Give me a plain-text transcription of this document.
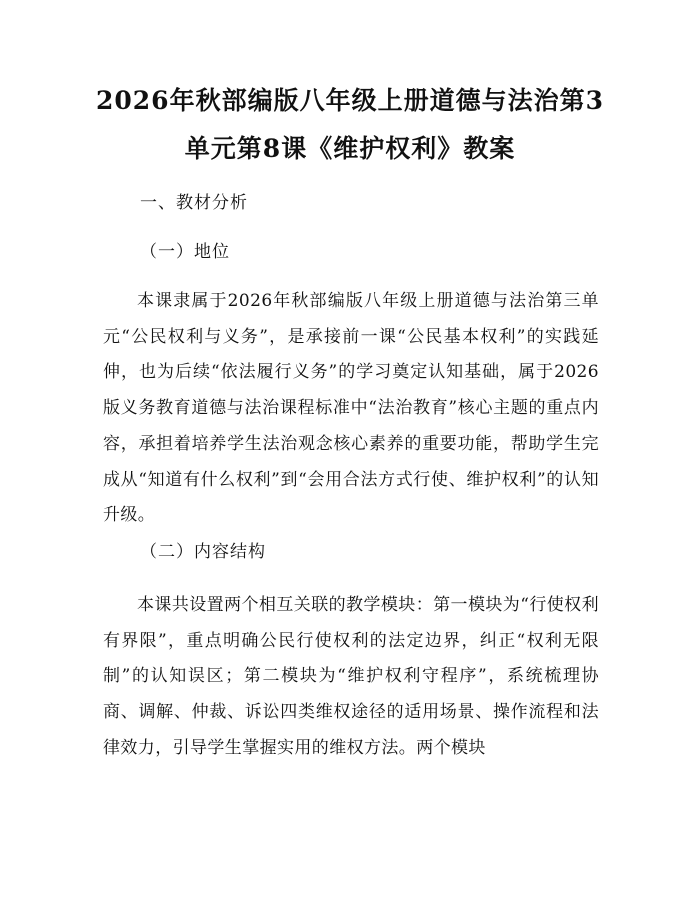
2026年秋部编版八年级上册道德与法治第3
单元第8课《维护权利》教案
一、教材分析
（一）地位
本课隶属于2026年秋部编版八年级上册道德与法治第三单元“公民权利与义务”，是承接前一课“公民基本权利”的实践延伸，也为后续“依法履行义务”的学习奠定认知基础，属于2026版义务教育道德与法治课程标准中“法治教育”核心主题的重点内容，承担着培养学生法治观念核心素养的重要功能，帮助学生完成从“知道有什么权利”到“会用合法方式行使、维护权利”的认知升级。
（二）内容结构
本课共设置两个相互关联的教学模块：第一模块为“行使权利有界限”，重点明确公民行使权利的法定边界，纠正“权利无限制”的认知误区；第二模块为“维护权利守程序”，系统梳理协商、调解、仲裁、诉讼四类维权途径的适用场景、操作流程和法律效力，引导学生掌握实用的维权方法。两个模块
